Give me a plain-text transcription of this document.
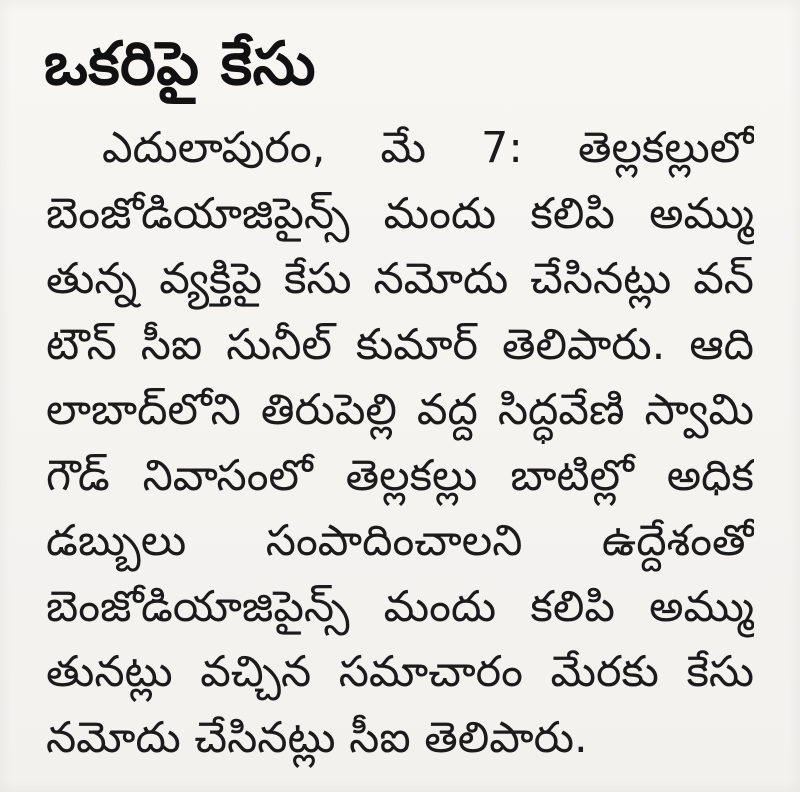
ఒకరిపై కేసు
ఎదులాపురం, మే 7: తెల్లకల్లులో
బెంజోడియాజిపైన్స్ మందు కలిపి అమ్ము
తున్న వ్యక్తిపై కేసు నమోదు చేసినట్లు వన్
టౌన్ సీఐ సునీల్ కుమార్ తెలిపారు. ఆది
లాబాద్‌లోని తిరుపెల్లి వద్ద సిద్ధవేణి స్వామి
గౌడ్ నివాసంలో తెల్లకల్లు బాటిల్లో అధిక
డబ్బులు సంపాదించాలని ఉద్దేశంతో
బెంజోడియాజిపైన్స్ మందు కలిపి అమ్ము
తునట్లు వచ్చిన సమాచారం మేరకు కేసు
నమోదు చేసినట్లు సీఐ తెలిపారు.
